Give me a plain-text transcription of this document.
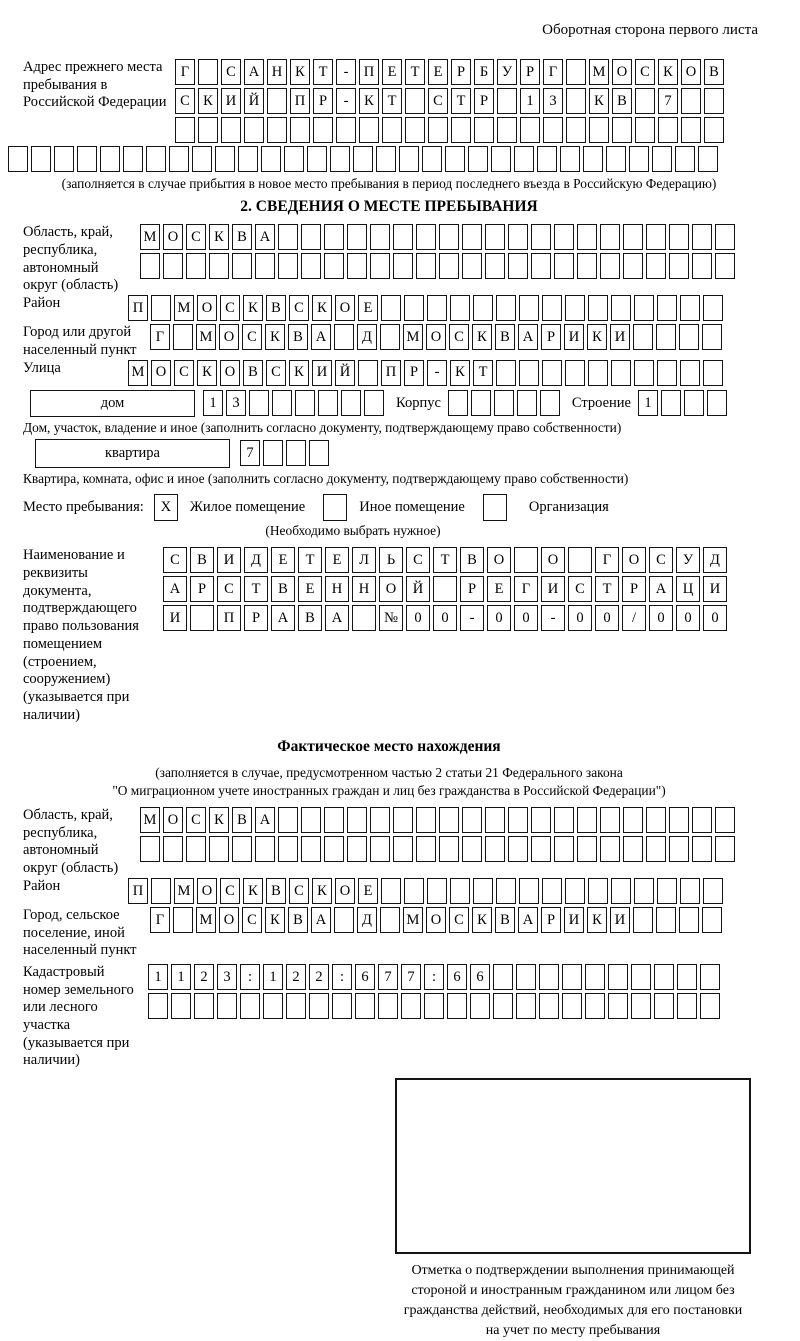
Оборотная сторона первого листа
Адрес прежнего места пребывания в Российской Федерации
Г	С А Н К Т	-	П Е Т Е	Р	Б У Р	Г	М О С К О В
С К И Й	П Р	-	К Т	С Т	Р	1	3	К В	7
(заполняется в случае прибытия в новое место пребывания в период последнего въезда в Российскую Федерацию)
2. СВЕДЕНИЯ О МЕСТЕ ПРЕБЫВАНИЯ
Область, край, республика, автономный округ (область)
М О С К В А
Район	П	М О С К В С К О Е
Город или другой населенный пункт
Г	М О С К В А	Д	М О С К В А Р И К И
Улица	М О С К О В С К И Й	П Р	-	К Т
дом	1	3	Корпус	Строение 1
Дом, участок, владение и иное (заполнить согласно документу, подтверждающему право собственности)
квартира	7
Квартира, комната, офис и иное (заполнить согласно документу, подтверждающему право собственности)
Место пребывания:	X	Жилое помещение	Иное помещение	Организация
(Необходимо выбрать нужное)
Наименование и реквизиты документа, подтверждающего право пользования помещением (строением, сооружением) (указывается при наличии)
С	В	И	Д	Е	Т	Е	Л	Ь	С	Т	В	О	О	Г	О	С	У	Д
А	Р	С	Т	В	Е	Н	Н	О	Й	Р	Е	Г	И	С	Т	Р	А	Ц	И
И	П	Р	А	В	А	№	0	0	-	0	0	-	0	0	/	0	0	0
Фактическое место нахождения
(заполняется в случае, предусмотренном частью 2 статьи 21 Федерального закона
"О миграционном учете иностранных граждан и лиц без гражданства в Российской Федерации")
Область, край, республика, автономный округ (область)
М О С К В А
Район	П	М О С К В С К О Е
Город, сельское поселение, иной населенный пункт
Г	М О С К В А	Д	М О С К В А Р И К И
Кадастровый номер земельного или лесного участка (указывается при наличии)
1	1	2	3	:	1	2	2	:	6	7	7	:	6	6
Отметка о подтверждении выполнения принимающей
стороной и иностранным гражданином или лицом без
гражданства действий, необходимых для его постановки
на учет по месту пребывания
